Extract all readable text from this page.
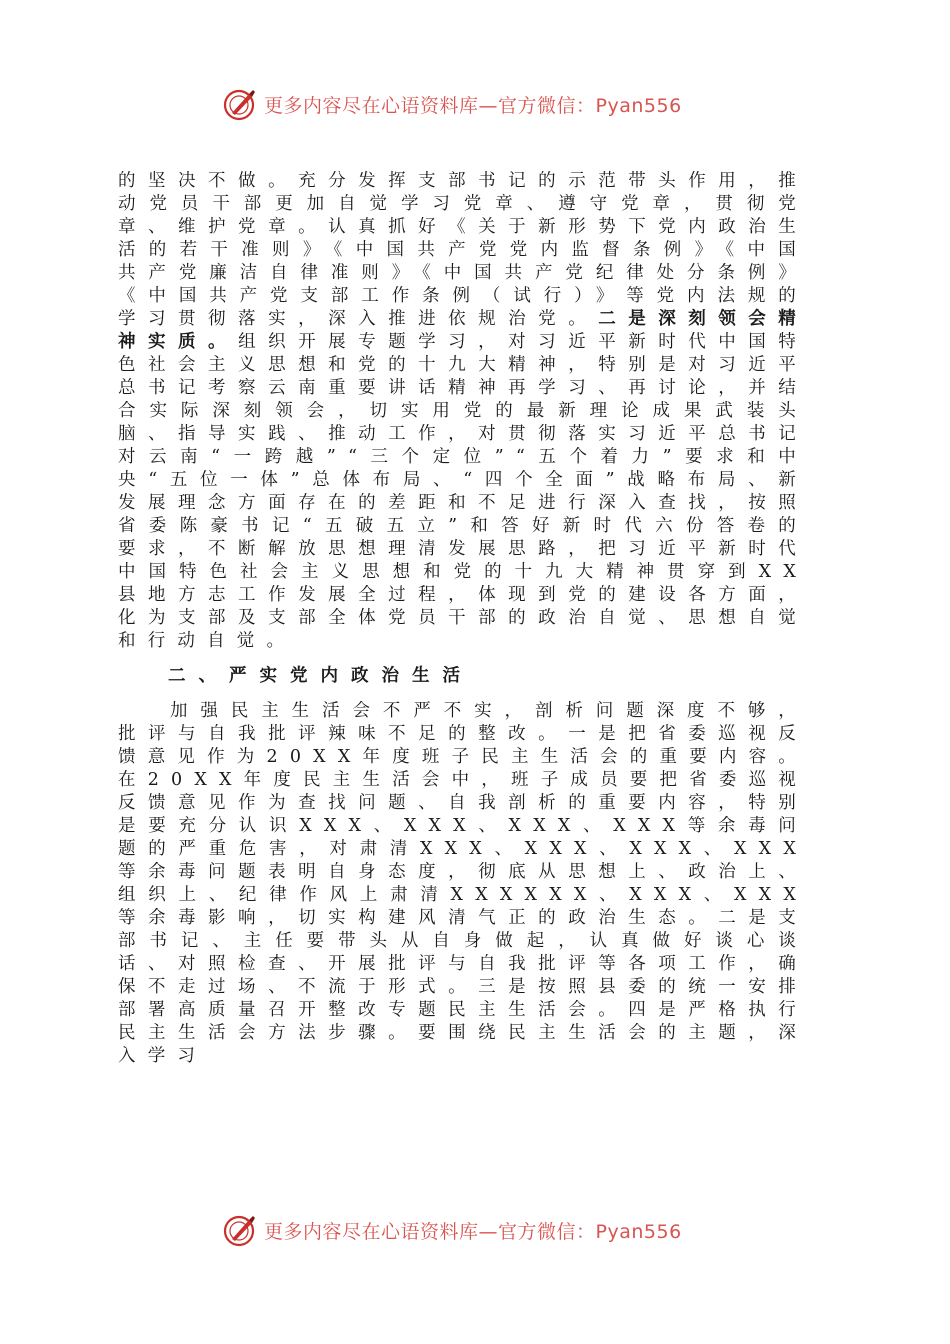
更多内容尽在心语资料库—官方微信：Pyan556

的坚决不做。充分发挥支部书记的示范带头作用，推动党员干部更加自觉学习党章、遵守党章，贯彻党章、维护党章。认真抓好《关于新形势下党内政治生活的若干准则》《中国共产党党内监督条例》《中国共产党廉洁自律准则》《中国共产党纪律处分条例》《中国共产党支部工作条例（试行）》等党内法规的学习贯彻落实，深入推进依规治党。二是深刻领会精神实质。组织开展专题学习，对习近平新时代中国特色社会主义思想和党的十九大精神，特别是对习近平总书记考察云南重要讲话精神再学习、再讨论，并结合实际深刻领会，切实用党的最新理论成果武装头脑、指导实践、推动工作，对贯彻落实习近平总书记对云南“一跨越”“三个定位”“五个着力”要求和中央“五位一体”总体布局、“四个全面”战略布局、新发展理念方面存在的差距和不足进行深入查找，按照省委陈豪书记“五破五立”和答好新时代六份答卷的要求，不断解放思想理清发展思路，把习近平新时代中国特色社会主义思想和党的十九大精神贯穿到XX县地方志工作发展全过程，体现到党的建设各方面，化为支部及支部全体党员干部的政治自觉、思想自觉和行动自觉。

二、严实党内政治生活

加强民主生活会不严不实，剖析问题深度不够，批评与自我批评辣味不足的整改。一是把省委巡视反馈意见作为20XX年度班子民主生活会的重要内容。在20XX年度民主生活会中，班子成员要把省委巡视反馈意见作为查找问题、自我剖析的重要内容，特别是要充分认识XXX、XXX、XXX、XXX等余毒问题的严重危害，对肃清XXX、XXX、XXX、XXX等余毒问题表明自身态度，彻底从思想上、政治上、组织上、纪律作风上肃清XXXXXX、XXX、XXX等余毒影响，切实构建风清气正的政治生态。二是支部书记、主任要带头从自身做起，认真做好谈心谈话、对照检查、开展批评与自我批评等各项工作，确保不走过场、不流于形式。三是按照县委的统一安排部署高质量召开整改专题民主生活会。四是严格执行民主生活会方法步骤。要围绕民主生活会的主题，深入学习

更多内容尽在心语资料库—官方微信：Pyan556
